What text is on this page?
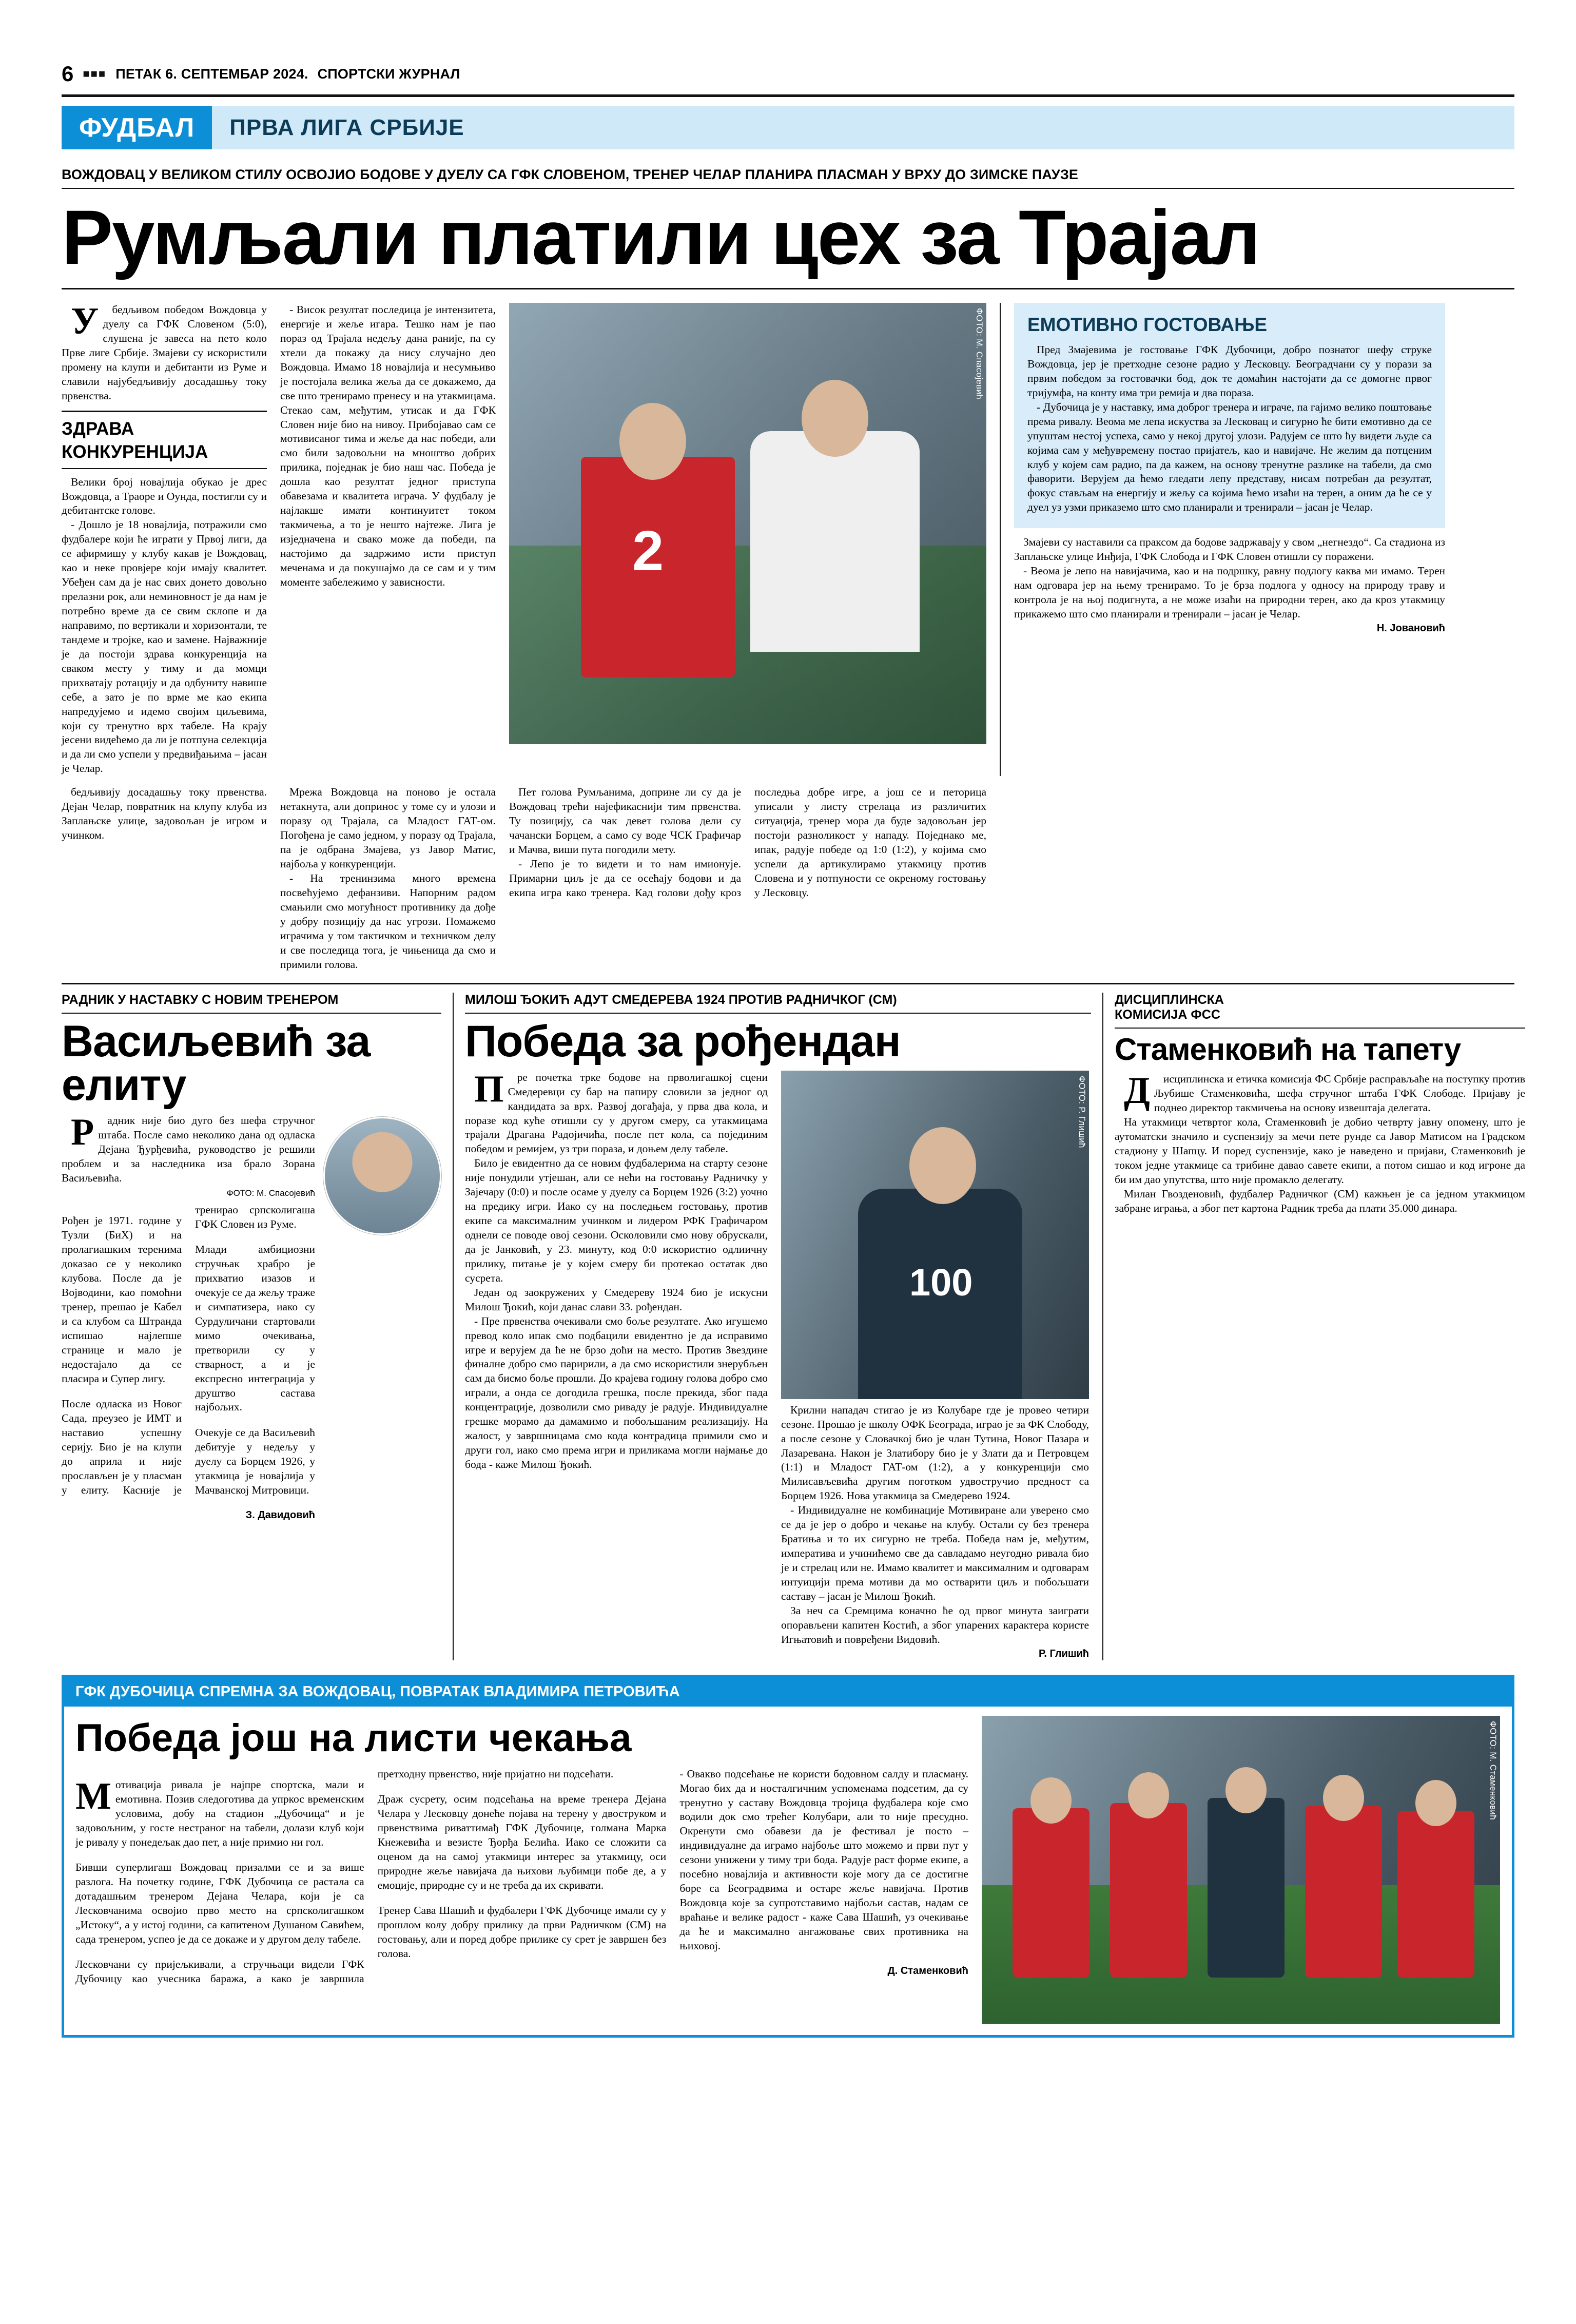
6 ■■■ ПЕТАК 6. СЕПТЕМБАР 2024. СПОРТСКИ ЖУРНАЛ
ФУДБАЛ ПРВА ЛИГА СРБИЈЕ
ВОЖДОВАЦ У ВЕЛИКОМ СТИЛУ ОСВОЈИО БОДОВЕ У ДУЕЛУ СА ГФК СЛОВЕНОМ, ТРЕНЕР ЧЕЛАР ПЛАНИРА ПЛАСМАН У ВРХУ ДО ЗИМСКЕ ПАУЗЕ
Румљали платили цех за Трајал

Убедљивом победом Вождовца у дуелу са ГФК Словеном (5:0), слушена је завеса на пето коло Прве лиге Србије. Змајеви су искористили промену на клупи и дебитанти из Руме и славили најубедљивију досадашњу току првенства.

ЗДРАВА КОНКУРЕНЦИЈА

Велики број новајлија обукао је дрес Вождовца, а Траоре и Оунда, постигли су и дебитантске голове.

- Дошло је 18 новајлија, потражили смо фудбалере који ће играти у Првој лиги, да се афирмишу у клубу какав је Вождовац, као и неке провјере који имају квалитет. Убеђен сам да је нас свих донето довољно прелазни рок, али неминовност је да нам је потребно време да се свим склопе и да направимо, по вертикали и хоризонтали, те тандеме и тројке, као и замене. Најважније је да постоји здрава конкуренција на сваком месту у тиму и да момци прихватају ротацију и да одбуниту навише себе, а зато је по врме ме као екипа напредујемо и идемо својим циљевима, који су тренутно врх табеле. На крају јесени видећемо да ли је потпуна селекција и да ли смо успели у предвиђањима – јасан је Челар.

- Висок резултат последица је интензитета, енергије и жеље игара. Тешко нам је пао пораз од Трајала недељу дана раније, па су хтели да покажу да нису случајно део Вождовца. Имамо 18 новајлија и несумњиво је постојала велика жеља да се докажемо, да све што тренирамо пренесу и на утакмицама. Стекао сам, међутим, утисак и да ГФК Словен није био на нивоу. Прибојавао сам се мотивисаног тима и жеље да нас победи, али смо били задовољни на мноштво добрих прилика, поједнак је био наш час. Победа је дошла као резултат једног приступа обавезама и квалитета играча. У фудбалу је најлакше имати континуитет током такмичења, а то је нешто најтеже. Лига је изједначена и свако може да победи, па настојимо да задржимо исти приступ меченама и да покушајмо да се сам и у тим моменте забележимо у зависности.	2
ФОТО: М. Спасојевић ЕМОТИВНО ГОСТОВАЊЕ

Пред Змајевима је гостовање ГФК Дубочици, добро познатог шефу струке Вождовца, јер је претходне сезоне радио у Лесковцу. Београдчани су у порази за првим победом за гостовачки бод, док те домаћин настојати да се домогне првог тријумфа, на конту има три ремија и два пораза.

- Дубочица је у наставку, има доброг тренера и играче, па гајимо велико поштовање према ривалу. Веома ме лепа искуства за Лесковац и сигурно ће бити емотивно да се упуштам нестој успеха, само у некој другој улози. Радујем се што ћу видети људе са којима сам у међувремену постао пријатељ, као и навијаче. Не желим да потценим клуб у којем сам радио, па да кажем, на основу тренутне разлике на табели, да смо фаворити. Верујем да ћемо гледати лепу представу, нисам потребан да резултат, фокус стављам на енергију и жељу са којима ћемо изаћи на терен, а оним да ће се у дуел уз узми приказемо што смо планирали и тренирали – јасан је Челар.

Змајеви су наставили са праксом да бодове задржавају у свом „негнездо“. Са стадиона из Заплањске улице Инђија, ГФК Слобода и ГФК Словен отишли су поражени.

- Веома је лепо на навијачима, као и на подршку, равну подлогу каква ми имамо. Терен нам одговара јер на њему тренирамо. То је брза подлога у односу на природу траву и контрола је на њој подигнута, а не може изаћи на природни терен, ако да кроз утакмицу прикажемо што смо планирали и тренирали – јасан је Челар.

Н. Јовановић

бедљивију досадашњу току првенства. Дејан Челар, повратник на клупу клуба из Заплањске улице, задовољан је игром и учинком.

Мрежа Вождовца на поново је остала нетакнута, али допринос у томе су и улози и поразу од Трајала, са Младост ГАТ-ом. Погођена је само једном, у поразу од Трајала, па је одбрана Змајева, уз Јавор Матис, најбоља у конкуренцији.

- На тренинзима много времена посвећујемо дефанзиви. Напорним радом смањили смо могућност противнику да дође у добру позицију да нас угрози. Помажемо играчима у том тактичком и техничком делу и све последица тога, је чињеница да смо и примили голова.

Пет голова Румљанима, доприне ли су да је Вождовац трећи најефикаснији тим првенства. Ту позицију, са чак девет голова дели су чачански Борцем, а само су воде ЧСК Графичар и Мачва, виши пута погодили мету.

- Лепо је то видети и то нам имионује. Примарни циљ је да се осећају бодови и да екипа игра како тренера. Кад голови дођу кроз последња добре игре, а још се и петорица уписали у листу стрелаца из различитих ситуација, тренер мора да буде задовољан јер постоји разноликост у нападу. Поједнако ме, ипак, радује победе од 1:0 (1:2), у којима смо успели да артикулирамо утакмицу против Словена и у потпуности се окреному гостовању у Лесковцу.

РАДНИК У НАСТАВКУ С НОВИМ ТРЕНЕРОМ
Васиљевић за елиту

Радник није био дуго без шефа стручног штаба. После само неколико дана од одласка Дејана Ђурђевића, руководство је решили проблем и за наследника иза брало Зорана Васиљевића.

ФОТО: М. Спасојевић

Рођен је 1971. године у Тузли (БиХ) и на пролагиашким теренима доказао се у неколико клубова. После да је Војводини, као помоћни тренер, прешао је Кабел и са клубом са Штранда испишао најлепше странице и мало је недостајало да се пласира и Супер лигу.

После одласка из Новог Сада, преузео је ИМТ и наставио успешну серију. Био је на клупи до априла и није прослављен је у пласман у елиту. Касније је тренирао српсколигаша ГФК Словен из Руме.

Млади амбициозни стручњак храбро је прихватио изазов и очекује се да жељу траже и симпатизера, иако су Сурдуличани стартовали мимо очекивања, претворили су у стварност, а и је експресно интеграција у друштво састава најбољих.

Очекује се да Васиљевић дебитује у недељу у дуелу са Борцем 1926, у утакмица је новајлија у Мачванској Митровици.

З. Давидовић

МИЛОШ ЂОКИЋ АДУТ СМЕДЕРЕВА 1924 ПРОТИВ РАДНИЧКОГ (СМ)
Победа за рођендан

Пре почетка трке бодове на прволигашкој сцени Смедеревци су бар на папиру словили за једног од кандидата за врх. Развој догађаја, у прва два кола, и поразе код куће отишли су у другом смеру, са утакмицама трајали Драгана Радојичића, после пет кола, са појединим победом и ремијем, уз три пораза, и доњем делу табеле.

Било је евидентно да се новим фудбалерима на старту сезоне није понудили утјешан, али се нећи на гостовању Радничку у Зајечару (0:0) и после осаме у дуелу са Борцем 1926 (3:2) уочно на предику игри. Иако су на последњем гостовању, против екипе са максималним учинком и лидером РФК Графичаром однели се поводе овој сезони. Осколовили смо нову обрускали, да је Јанковић, у 23. минуту, код 0:0 искористио одлиичну прилику, питање је у којем смеру би протекао остатак дво сусрета.

Један од заокружених у Смедереву 1924 био је искусни Милош Ђокић, који данас слави 33. рођендан.

- Пре првенства очекивали смо боље резултате. Ако игушемо превод коло ипак смо подбацили евидентно је да исправимо игре и верујем да ће не брзо доћи на место. Против Звездине финалне добро смо паририли, а да смо искористили знерубљен сам да бисмо боље прошли. До крајева годину голова добро смо играли, а онда се догодила грешка, после прекида, због пада концентрације, дозволили смо риваду је радује. Индивидуалне грешке морамо да дамамимо и побољшаним реализацију. На жалост, у завршницама смо кода контрадица примили смо и други гол, иако смо према игри и приликама могли најмање до бода - каже Милош Ђокић.

100
ФОТО: Р. Глишић

Крилни нападач стигао је из Колубаре где је провео четири сезоне. Прошао је школу ОФК Београда, играо је за ФК Слободу, а после сезоне у Словачкој био је члан Тутина, Новог Пазара и Лазаревана. Након је Златибору био је у Злати да и Петровцем (1:1) и Младост ГАТ-ом (1:2), а у конкуренцији смо Милисављевића другим поготком удвостручио предност са Борцем 1926. Нова утакмица за Смедерево 1924.

- Индивидуалне не комбинације Мотивиране али уверено смо се да је јер о добро и чекање на клубу. Остали су без тренера Братиња и то их сигурно не треба. Победа нам је, међутим, императива и учинићемо све да савладамо неугодно ривала био је и стрелац или не. Имамо квалитет и максималним и одговарам интуицији према мотиви да мо остварити циљ и побољшати саставу – јасан је Милош Ђокић.

За неч са Сремцима коначно ће од првог минута заиграти опорављени капитен Костић, а због упарених карактера користе Игњатовић и повређени Видовић.

Р. Глишић

ДИСЦИПЛИНСКА
КОМИСИЈА ФСС
Стаменковић на тапету

Дисциплинска и етичка комисија ФС Србије расправљаће на поступку против Љубише Стаменковића, шефа стручног штаба ГФК Слободе. Пријаву је поднео директор такмичења на основу извештаја делегата.

На утакмици четвртог кола, Стаменковић је добио четврту јавну опомену, што је аутоматски значило и суспензију за мечи пете рунде са Јавор Матисом на Градском стадиону у Шапцу. И поред суспензије, како је наведено и пријави, Стаменковић је током једне утакмице са трибине давао савете екипи, а потом сишао и код игроне да би им дао упутства, што није промакло делегату.

Милан Гвозденовић, фудбалер Радничког (СМ) кажњен је са једном утакмицом забране играња, а због пет картона Радник треба да плати 35.000 динара.

ГФК ДУБОЧИЦА СПРЕМНА ЗА ВОЖДОВАЦ, ПОВРАТАК ВЛАДИМИРА ПЕТРОВИЋА
Победа још на листи чекања

Мотивација ривала је најпре спортска, мали и емотивна. Позив следоготива да упркос временским условима, добу на стадион „Дубочица“ и је задовољним, у госте нестраног на табели, долази клуб који је ривалу у понедељак дао пет, а није примио ни гол.

Бивши суперлигаш Вождовац призалми се и за више разлога. На почетку године, ГФК Дубочица се растала са дотадашњим тренером Дејана Челара, који је са Лесковчанима освојио прво место на српсколигашком „Истоку“, а у истој години, са капитеном Душаном Савићем, сада тренером, успео је да се докаже и у другом делу табеле.

Лесковчани су пријељкивали, а стручњаци видели ГФК Дубочицу као учесника баража, а како је завршила претходну првенство, није пријатно ни подсећати.

Драж сусрету, осим подсећања на време тренера Дејана Челара у Лесковцу донеће појава на терену у двоструком и првенствима риваттимађ ГФК Дубочице, голмана Марка Кнежевића и везисте Ђорђа Белића. Иако се сложити са оценом да на самој утакмици интерес за утакмицу, оси природне жеље навијача да њихови љубимци побе де, а у емоције, природне су и не треба да их скривати.

Тренер Сава Шашић и фудбалери ГФК Дубочице имали су у прошлом колу добру прилику да први Радничком (СМ) на гостовању, али и поред добре прилике су срет је завршен без голова.

- Овакво подсећање не користи бодовном салду и пласману. Могао бих да и носталгичним успоменама подсетим, да су тренутно у саставу Вождовца тројица фудбалера које смо водили док смо трећег Колубари, али то није пресудно. Окренути смо обавези да је фестивал је посто – индивидуалне да играмо најбоље што можемо и први пут у сезони унижени у тиму три бода. Радује раст форме екипе, а посебно новајлија и активности које могу да се достигне боре са Београдвима и остаре жеље навијача. Против Вождовца које за супротставимо најбољи састав, надам се враћање и велике радост - каже Сава Шашић, уз очекивање да ће и максимално ангажовање свих противника на њиховој.

Д. Стаменковић

ФОТО: М. Стаменковић
